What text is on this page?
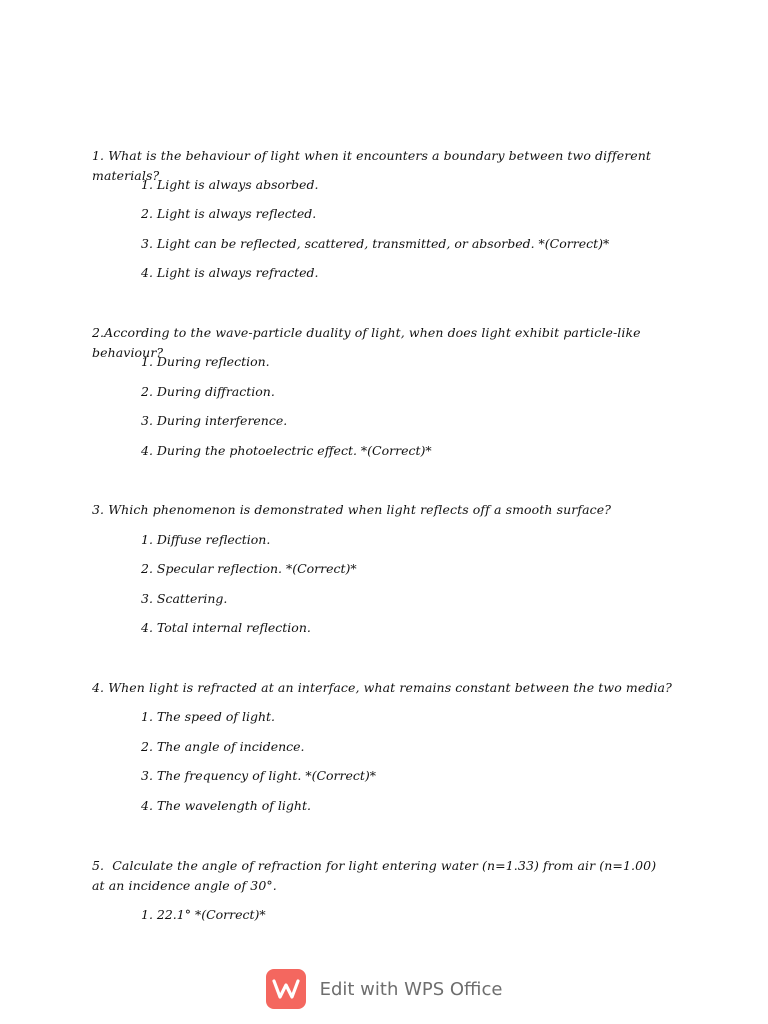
1. What is the behaviour of light when it encounters a boundary between two different materials?
1. Light is always absorbed.
2. Light is always reflected.
3. Light can be reflected, scattered, transmitted, or absorbed. *(Correct)*
4. Light is always refracted.
2.According to the wave-particle duality of light, when does light exhibit particle-like behaviour?
1. During reflection.
2. During diffraction.
3. During interference.
4. During the photoelectric effect. *(Correct)*
3. Which phenomenon is demonstrated when light reflects off a smooth surface?
1. Diffuse reflection.
2. Specular reflection. *(Correct)*
3. Scattering.
4. Total internal reflection.
4. When light is refracted at an interface, what remains constant between the two media?
1. The speed of light.
2. The angle of incidence.
3. The frequency of light. *(Correct)*
4. The wavelength of light.
5.  Calculate the angle of refraction for light entering water (n=1.33) from air (n=1.00) at an incidence angle of 30°.
1. 22.1° *(Correct)*
Edit with WPS Office
